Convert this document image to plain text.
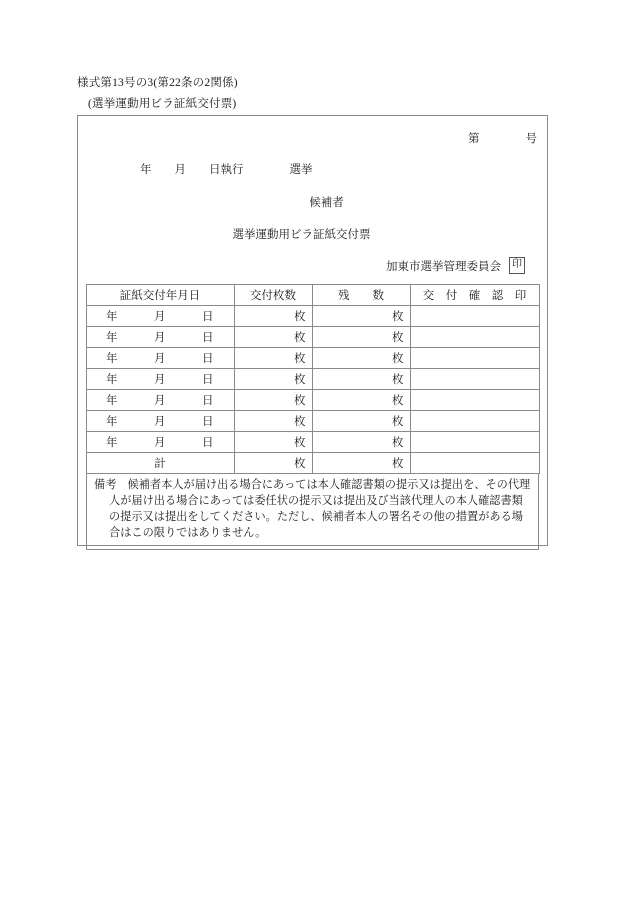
様式第13号の3(第22条の2関係)
(選挙運動用ビラ証紙交付票)
第　　　　号
年　　月　　日執行　　　　選挙
候補者
選挙運動用ビラ証紙交付票
加東市選挙管理委員会	印
証紙交付年月日	交付枚数	残　　数	交　付　確　認　印
年　　　月　　　日	枚	枚	
年　　　月　　　日	枚	枚	
年　　　月　　　日	枚	枚	
年　　　月　　　日	枚	枚	
年　　　月　　　日	枚	枚	
年　　　月　　　日	枚	枚	
年　　　月　　　日	枚	枚	
計	枚	枚	

備考　 候補者本人が届け出る場合にあっては本人確認書類の提示又は提出を、その代理人が届け出る場合にあっては委任状の提示又は提出及び当該代理人の本人確認書類の提示又は提出をしてください。ただし、候補者本人の署名その他の措置がある場合はこの限りではありません。
